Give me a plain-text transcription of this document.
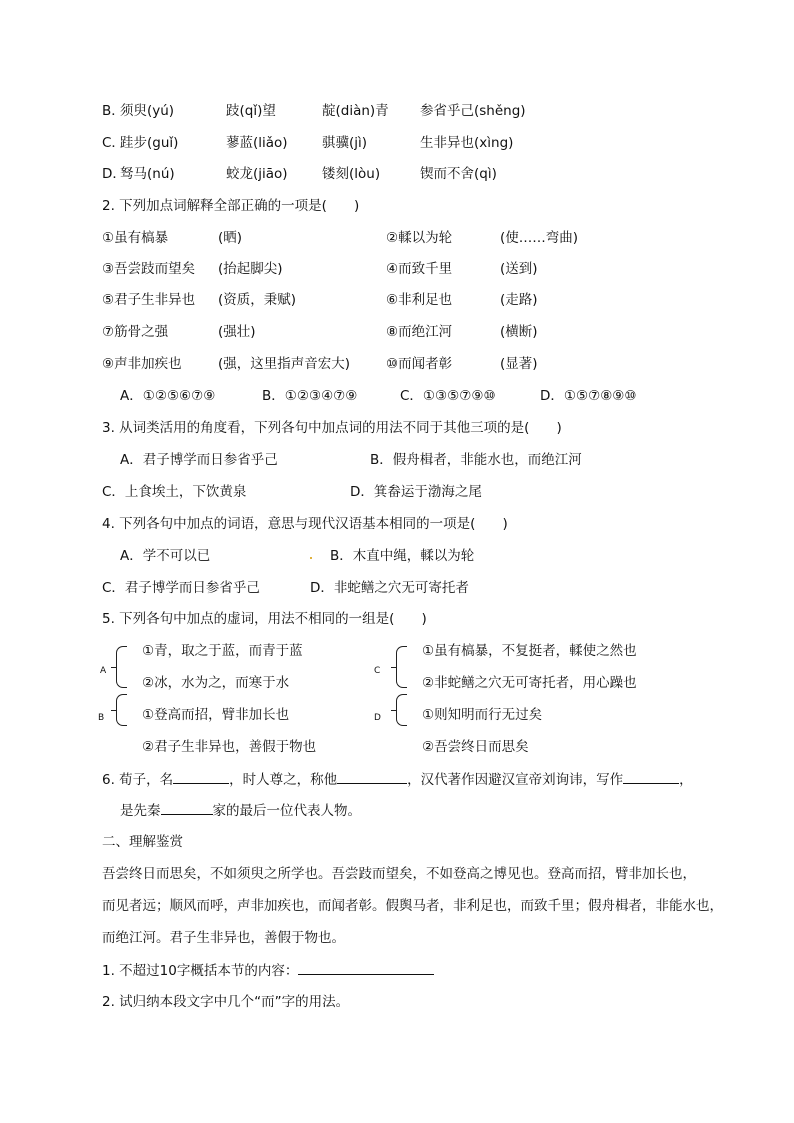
B．
须臾(yú)	跂(qǐ)望	靛(diàn)青 参省乎己(shěng)
C．
跬步(guǐ)	蓼蓝(liǎo)	骐骥(jì)	生非异也(xìng)
D．
驽马(nú)	蛟龙(jiāo)	镂刻(lòu)	锲而不舍(qì)
2. 下列加点词解释全部正确的一项是(　　)
①虽有槁暴	(晒)	②輮以为轮	(使……弯曲)
③吾尝跂而望矣 (抬起脚尖)	④而致千里	(送到)
⑤君子生非异也 (资质，秉赋)	⑥非利足也	(走路)
⑦筋骨之强	(强壮)	⑧而绝江河	(横断)
⑨声非加疾也	(强，这里指声音宏大)	⑩而闻者彰	(显著)
A．①②⑤⑥⑦⑨	B．①②③④⑦⑨	C．①③⑤⑦⑨⑩	D．①⑤⑦⑧⑨⑩
3. 从词类活用的角度看，下列各句中加点词的用法不同于其他三项的是(　　)
A．君子博学而日参省乎己	B．假舟楫者，非能水也，而绝江河
C．上食埃土，下饮黄泉	D．箕畚运于渤海之尾
4. 下列各句中加点的词语，意思与现代汉语基本相同的一项是(　　)
A．学不可以已	B．木直中绳，輮以为轮
C．君子博学而日参省乎己	D．非蛇鳝之穴无可寄托者
5. 下列各句中加点的虚词，用法不相同的一组是(　　)
A
①青，取之于蓝，而青于蓝
②冰，水为之，而寒于水
C
①虽有槁暴，不复挺者，輮使之然也
②非蛇鳝之穴无可寄托者，用心躁也
B	①登高而招，臂非加长也
②君子生非异也，善假于物也
D	①则知明而行无过矣
②吾尝终日而思矣
6. 荀子，名	，时人尊之，称他	，汉代著作因避汉宣帝刘询讳，写作	，
是先秦	家的最后一位代表人物。
二、理解鉴赏
吾尝终日而思矣，不如须臾之所学也。吾尝跂而望矣，不如登高之博见也。登高而招，臂非加长也，
而见者远；顺风而呼，声非加疾也，而闻者彰。假舆马者，非利足也，而致千里；假舟楫者，非能水也，
而绝江河。君子生非异也，善假于物也。
1. 不超过10字概括本节的内容：
2. 试归纳本段文字中几个“而”字的用法。
